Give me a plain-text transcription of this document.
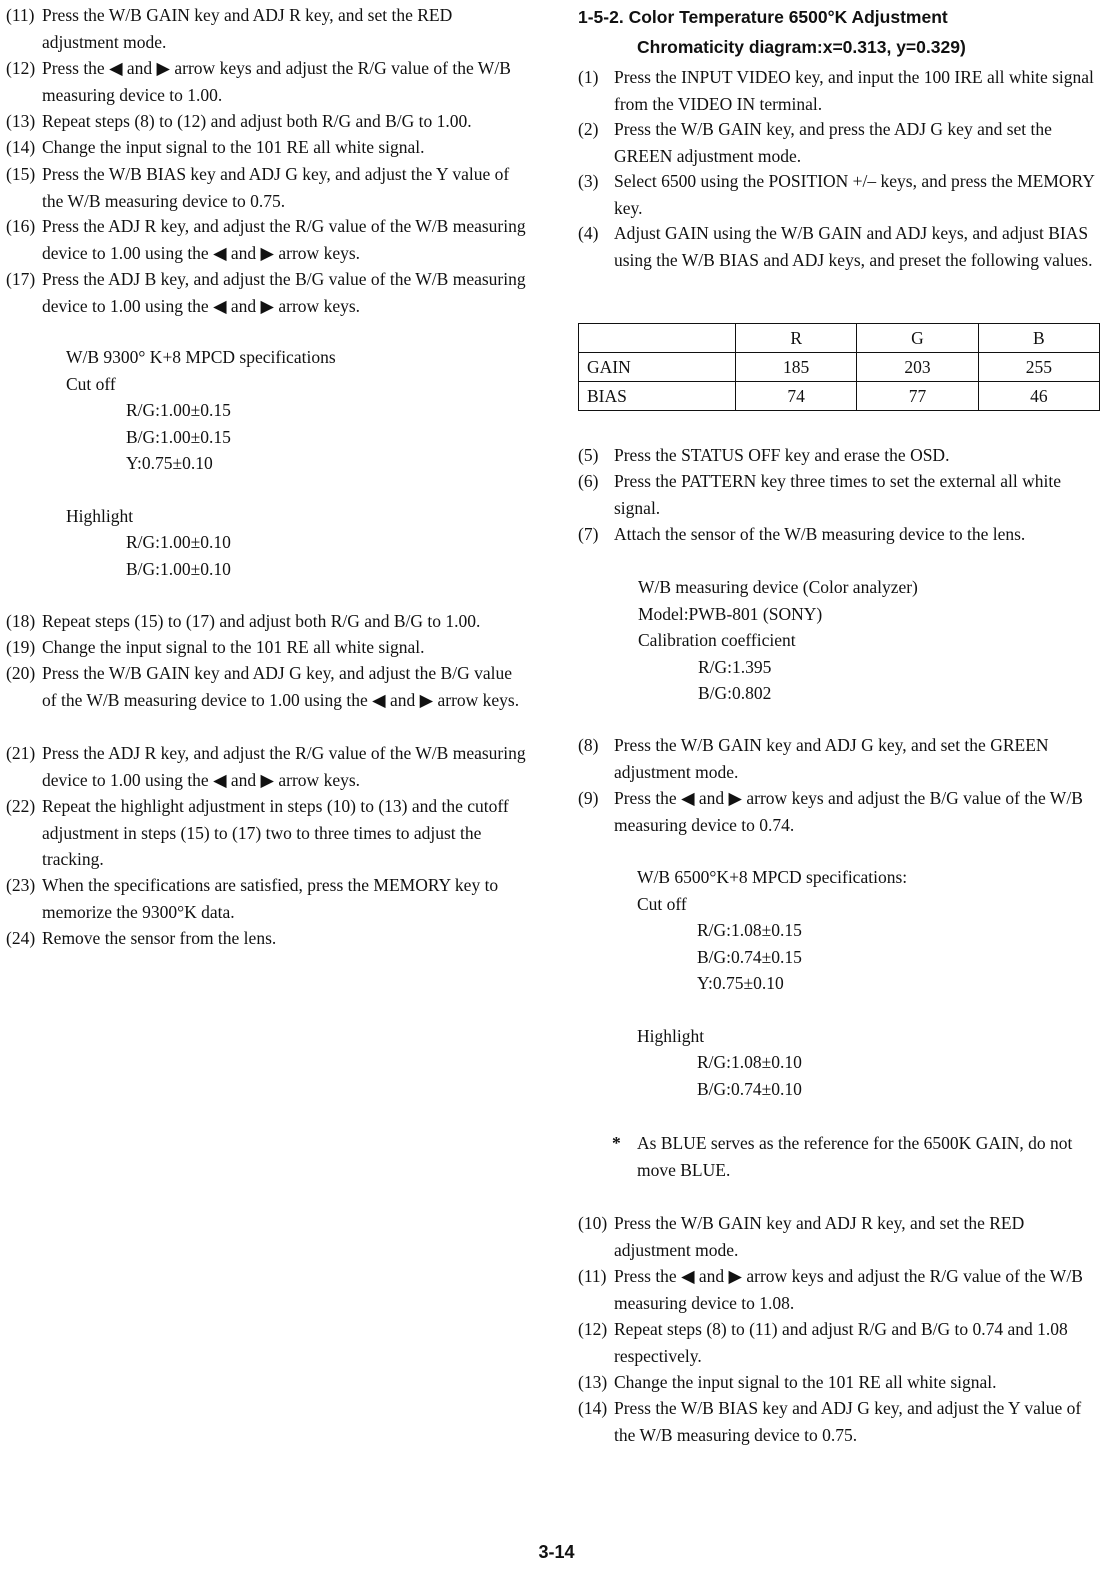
(11) Press the W/B GAIN key and ADJ R key, and set the RED adjustment mode.
(12) Press the ◀ and ▶ arrow keys and adjust the R/G value of the W/B measuring device to 1.00.
(13) Repeat steps (8) to (12) and adjust both R/G and B/G to 1.00.
(14) Change the input signal to the 101 RE all white signal.
(15) Press the W/B BIAS key and ADJ G key, and adjust the Y value of the W/B measuring device to 0.75.
(16) Press the ADJ R key, and adjust the R/G value of the W/B measuring device to 1.00 using the ◀ and ▶ arrow keys.
(17) Press the ADJ B key, and adjust the B/G value of the W/B measuring device to 1.00 using the ◀ and ▶ arrow keys.
W/B 9300° K+8 MPCD specifications
Cut off
R/G:1.00±0.15
B/G:1.00±0.15
Y:0.75±0.10
Highlight
R/G:1.00±0.10
B/G:1.00±0.10
(18) Repeat steps (15) to (17) and adjust both R/G and B/G to 1.00.
(19) Change the input signal to the 101 RE all white signal.
(20) Press the W/B GAIN key and ADJ G key, and adjust the B/G value of the W/B measuring device to 1.00 using the ◀ and ▶ arrow keys.
(21) Press the ADJ R key, and adjust the R/G value of the W/B measuring device to 1.00 using the ◀ and ▶ arrow keys.
(22) Repeat the highlight adjustment in steps (10) to (13) and the cutoff adjustment in steps (15) to (17) two to three times to adjust the tracking.
(23) When the specifications are satisfied, press the MEMORY key to memorize the 9300°K data.
(24) Remove the sensor from the lens.
1-5-2. Color Temperature 6500°K Adjustment
Chromaticity diagram:x=0.313, y=0.329)
(1) Press the INPUT VIDEO key, and input the 100 IRE all white signal from the VIDEO IN terminal.
(2) Press the W/B GAIN key, and press the ADJ G key and set the GREEN adjustment mode.
(3) Select 6500 using the POSITION +/– keys, and press the MEMORY key.
(4) Adjust GAIN using the W/B GAIN and ADJ keys, and adjust BIAS using the W/B BIAS and ADJ keys, and preset the following values.
	R	G	B
GAIN	185	203	255
BIAS	74	77	46
(5) Press the STATUS OFF key and erase the OSD.
(6) Press the PATTERN key three times to set the external all white signal.
(7) Attach the sensor of the W/B measuring device to the lens.
W/B measuring device (Color analyzer)
Model:PWB-801 (SONY)
Calibration coefficient
R/G:1.395
B/G:0.802
(8) Press the W/B GAIN key and ADJ G key, and set the GREEN adjustment mode.
(9) Press the ◀ and ▶ arrow keys and adjust the B/G value of the W/B measuring device to 0.74.
W/B 6500°K+8 MPCD specifications:
Cut off
R/G:1.08±0.15
B/G:0.74±0.15
Y:0.75±0.10
Highlight
R/G:1.08±0.10
B/G:0.74±0.10
* As BLUE serves as the reference for the 6500K GAIN, do not move BLUE.
(10) Press the W/B GAIN key and ADJ R key, and set the RED adjustment mode.
(11) Press the ◀ and ▶ arrow keys and adjust the R/G value of the W/B measuring device to 1.08.
(12) Repeat steps (8) to (11) and adjust R/G and B/G to 0.74 and 1.08 respectively.
(13) Change the input signal to the 101 RE all white signal.
(14) Press the W/B BIAS key and ADJ G key, and adjust the Y value of the W/B measuring device to 0.75.
3-14
